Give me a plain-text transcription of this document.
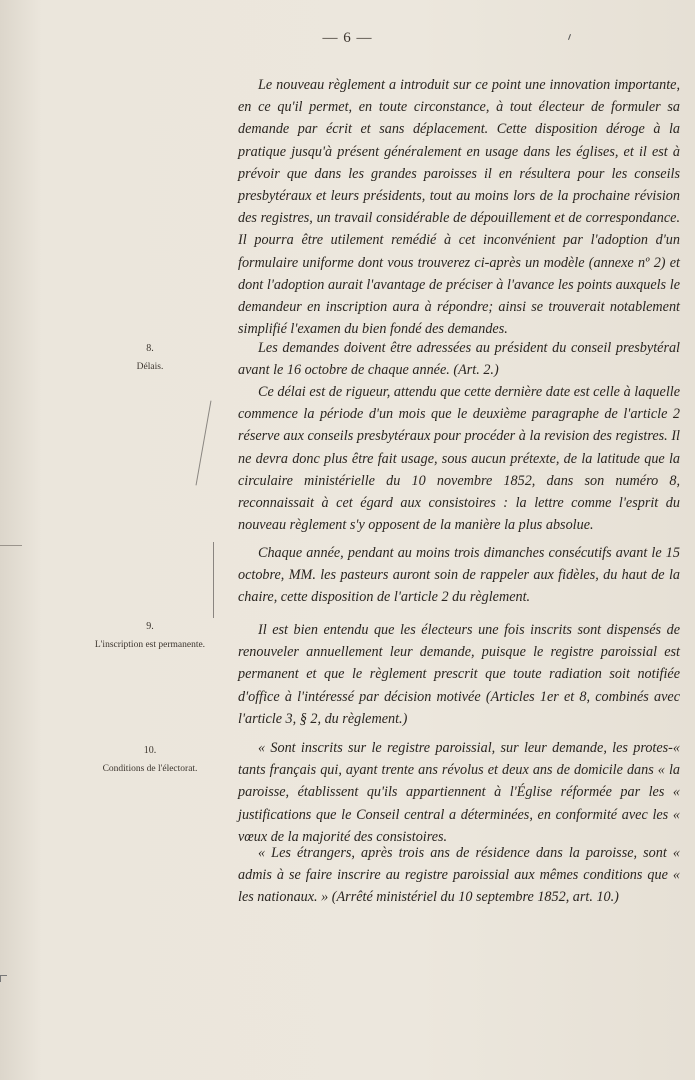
— 6 —

Le nouveau règlement a introduit sur ce point une innovation importante, en ce qu'il permet, en toute circonstance, à tout électeur de formuler sa demande par écrit et sans déplacement. Cette disposition déroge à la pratique jusqu'à présent généralement en usage dans les églises, et il est à prévoir que dans les grandes paroisses il en résultera pour les conseils presbytéraux et leurs présidents, tout au moins lors de la prochaine révision des registres, un travail considérable de dépouillement et de correspondance. Il pourra être utilement remédié à cet inconvénient par l'adoption d'un formulaire uniforme dont vous trouverez ci-après un modèle (annexe nº 2) et dont l'adoption aurait l'avantage de préciser à l'avance les points auxquels le demandeur en inscription aura à répondre; ainsi se trouverait notablement simplifié l'examen du bien fondé des demandes.

8.
Délais.

Les demandes doivent être adressées au président du conseil presbytéral avant le 16 octobre de chaque année. (Art. 2.)

Ce délai est de rigueur, attendu que cette dernière date est celle à laquelle commence la période d'un mois que le deuxième paragraphe de l'article 2 réserve aux conseils presbytéraux pour procéder à la revision des registres. Il ne devra donc plus être fait usage, sous aucun prétexte, de la latitude que la circulaire ministérielle du 10 novembre 1852, dans son numéro 8, reconnaissait à cet égard aux consistoires : la lettre comme l'esprit du nouveau règlement s'y opposent de la manière la plus absolue.

Chaque année, pendant au moins trois dimanches consécutifs avant le 15 octobre, MM. les pasteurs auront soin de rappeler aux fidèles, du haut de la chaire, cette disposition de l'article 2 du règlement.

9.
L'inscription est permanente.

Il est bien entendu que les électeurs une fois inscrits sont dispensés de renouveler annuellement leur demande, puisque le registre paroissial est permanent et que le règlement prescrit que toute radiation soit notifiée d'office à l'intéressé par décision motivée (Articles 1er et 8, combinés avec l'article 3, § 2, du règlement.)

10.
Conditions de l'électorat.

« Sont inscrits sur le registre paroissial, sur leur demande, les protes-« tants français qui, ayant trente ans révolus et deux ans de domicile dans « la paroisse, établissent qu'ils appartiennent à l'Église réformée par les « justifications que le Conseil central a déterminées, en conformité avec les « vœux de la majorité des consistoires.

« Les étrangers, après trois ans de résidence dans la paroisse, sont « admis à se faire inscrire au registre paroissial aux mêmes conditions que « les nationaux. » (Arrêté ministériel du 10 septembre 1852, art. 10.)
